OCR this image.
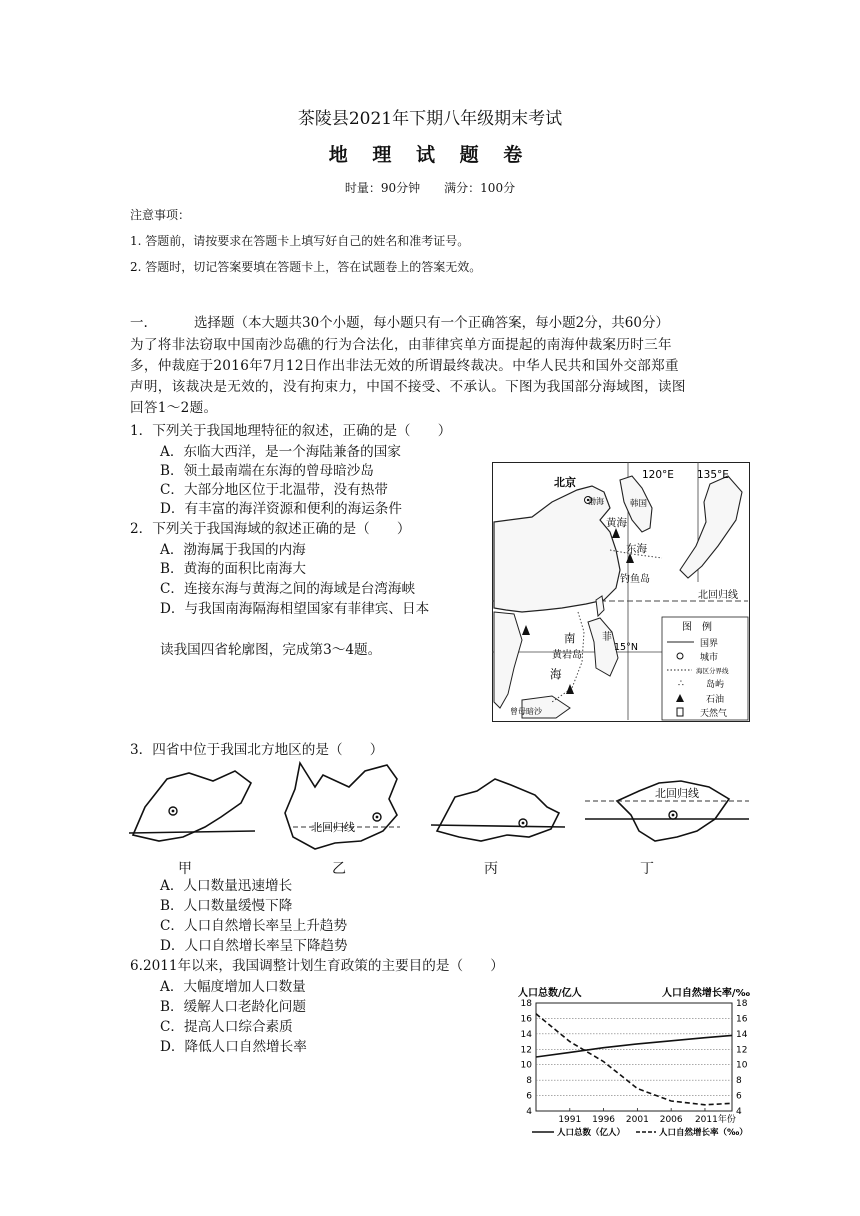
茶陵县2021年下期八年级期末考试
地 理 试 题 卷
时量：90分钟　　满分：100分
注意事项：
1. 答题前，请按要求在答题卡上填写好自己的姓名和准考证号。
2. 答题时，切记答案要填在答题卡上，答在试题卷上的答案无效。
一.	选择题（本大题共30个小题，每小题只有一个正确答案，每小题2分，共60分）
为了将非法窃取中国南沙岛礁的行为合法化，由菲律宾单方面提起的南海仲裁案历时三年
多，仲裁庭于2016年7月12日作出非法无效的所谓最终裁决。中华人民共和国外交部郑重
声明，该裁决是无效的，没有拘束力，中国不接受、不承认。下图为我国部分海域图，读图
回答1～2题。
1．下列关于我国地理特征的叙述，正确的是（　　）
A．东临大西洋，是一个海陆兼备的国家
B．领土最南端在东海的曾母暗沙岛
C．大部分地区位于北温带，没有热带
D．有丰富的海洋资源和便利的海运条件
2．下列关于我国海域的叙述正确的是（　　）
A．渤海属于我国的内海
B．黄海的面积比南海大
C．连接东海与黄海之间的海域是台湾海峡
D．与我国南海隔海相望国家有菲律宾、日本
读我国四省轮廓图，完成第3～4题。
120°E 135°E
北京
渤海	韩国
黄海
东海
钓鱼岛
北回归线
南
海
黄岩岛
菲
15°N
曾母暗沙
图　例
国界
城市
海区分界线
∴ 岛屿
石油
天然气
3．四省中位于我国北方地区的是（　　）
北回归线
北回归线
甲	乙	丙	丁
A．人口数量迅速增长
B．人口数量缓慢下降
C．人口自然增长率呈上升趋势
D．人口自然增长率呈下降趋势
6.2011年以来，我国调整计划生育政策的主要目的是（　　）
A．大幅度增加人口数量
B．缓解人口老龄化问题
C．提高人口综合素质
D．降低人口自然增长率
人口总数/亿人	人口自然增长率/‰
4	4
6	6
8	8
10	10
12	12
14	14
16	16
18	18
1991 1996 2001 2006 2011年份
人口总数（亿人）	人口自然增长率（‰）
